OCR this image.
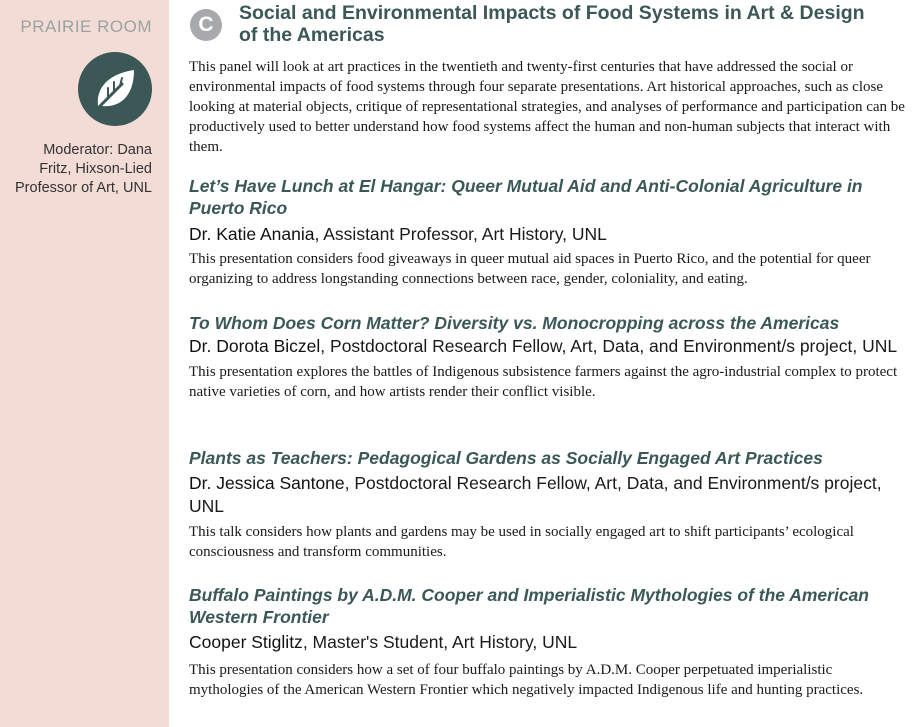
PRAIRIE ROOM
Moderator: Dana Fritz, Hixson-Lied Professor of Art, UNL
C	Social and Environmental Impacts of Food Systems in Art & Design of the Americas
This panel will look at art practices in the twentieth and twenty-first centuries that have addressed the social or environmental impacts of food systems through four separate presentations. Art historical approaches, such as close looking at material objects, critique of representational strategies, and analyses of performance and participation can be productively used to better understand how food systems affect the human and non-human subjects that interact with them.
Let’s Have Lunch at El Hangar: Queer Mutual Aid and Anti-Colonial Agriculture in Puerto Rico
Dr. Katie Anania, Assistant Professor, Art History, UNL
This presentation considers food giveaways in queer mutual aid spaces in Puerto Rico, and the potential for queer organizing to address longstanding connections between race, gender, coloniality, and eating.
To Whom Does Corn Matter? Diversity vs. Monocropping across the Americas
Dr. Dorota Biczel, Postdoctoral Research Fellow, Art, Data, and Environment/s project, UNL
This presentation explores the battles of Indigenous subsistence farmers against the agro-industrial complex to protect native varieties of corn, and how artists render their conflict visible.
Plants as Teachers: Pedagogical Gardens as Socially Engaged Art Practices
Dr. Jessica Santone, Postdoctoral Research Fellow, Art, Data, and Environment/s project, UNL
This talk considers how plants and gardens may be used in socially engaged art to shift participants’ ecological consciousness and transform communities.
Buffalo Paintings by A.D.M. Cooper and Imperialistic Mythologies of the American Western Frontier
Cooper Stiglitz, Master's Student, Art History, UNL
This presentation considers how a set of four buffalo paintings by A.D.M. Cooper perpetuated imperialistic mythologies of the American Western Frontier which negatively impacted Indigenous life and hunting practices.
